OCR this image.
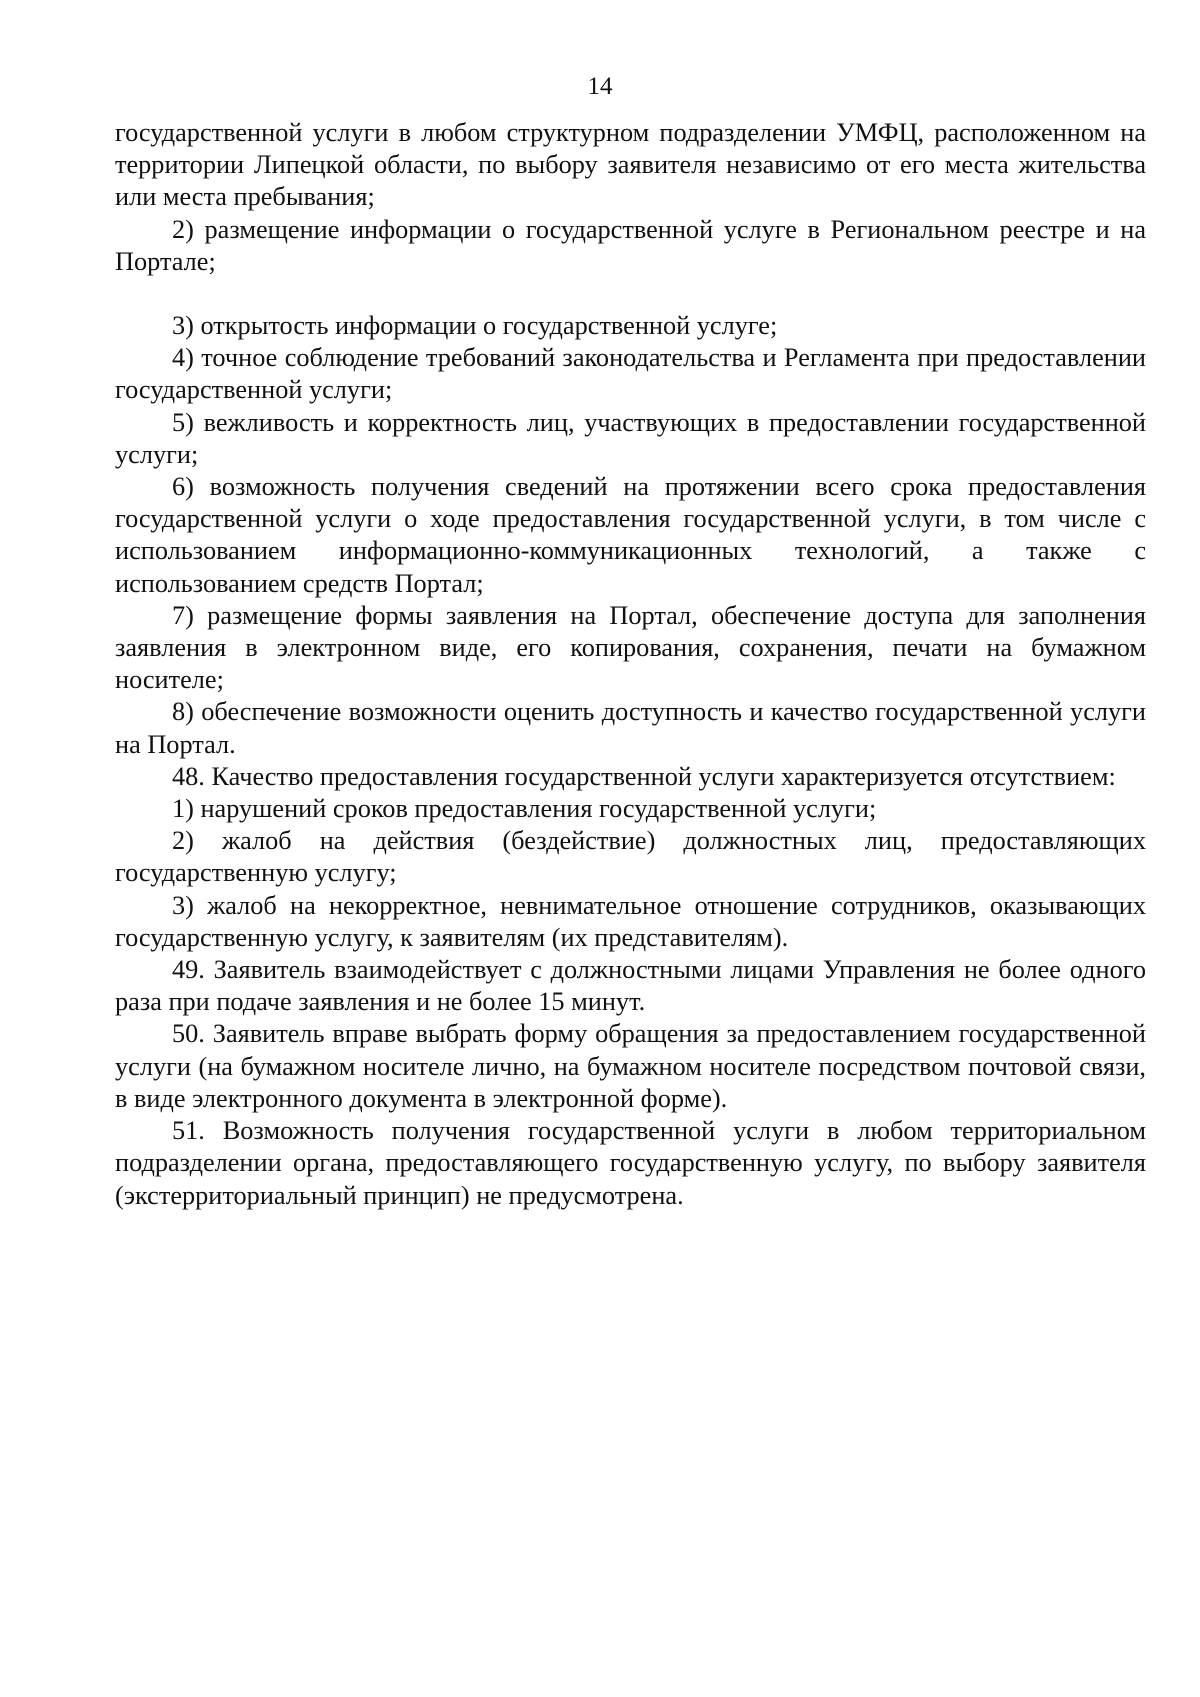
14

государственной услуги в любом структурном подразделении УМФЦ, расположенном на территории Липецкой области, по выбору заявителя независимо от его места жительства или места пребывания;

2) размещение информации о государственной услуге в Региональном реестре и на Портале;

3) открытость информации о государственной услуге;

4) точное соблюдение требований законодательства и Регламента при предоставлении государственной услуги;

5) вежливость и корректность лиц, участвующих в предоставлении государственной услуги;

6) возможность получения сведений на протяжении всего срока предоставления государственной услуги о ходе предоставления государственной услуги, в том числе с использованием информационно-коммуникационных технологий, а также с использованием средств Портал;

7) размещение формы заявления на Портал, обеспечение доступа для заполнения заявления в электронном виде, его копирования, сохранения, печати на бумажном носителе;

8) обеспечение возможности оценить доступность и качество государственной услуги на Портал.

48. Качество предоставления государственной услуги характеризуется отсутствием:

1) нарушений сроков предоставления государственной услуги;

2) жалоб на действия (бездействие) должностных лиц, предоставляющих государственную услугу;

3) жалоб на некорректное, невнимательное отношение сотрудников, оказывающих государственную услугу, к заявителям (их представителям).

49. Заявитель взаимодействует с должностными лицами Управления не более одного раза при подаче заявления и не более 15 минут.

50. Заявитель вправе выбрать форму обращения за предоставлением государственной услуги (на бумажном носителе лично, на бумажном носителе посредством почтовой связи, в виде электронного документа в электронной форме).

51. Возможность получения государственной услуги в любом территориальном подразделении органа, предоставляющего государственную услугу, по выбору заявителя (экстерриториальный принцип) не предусмотрена.
